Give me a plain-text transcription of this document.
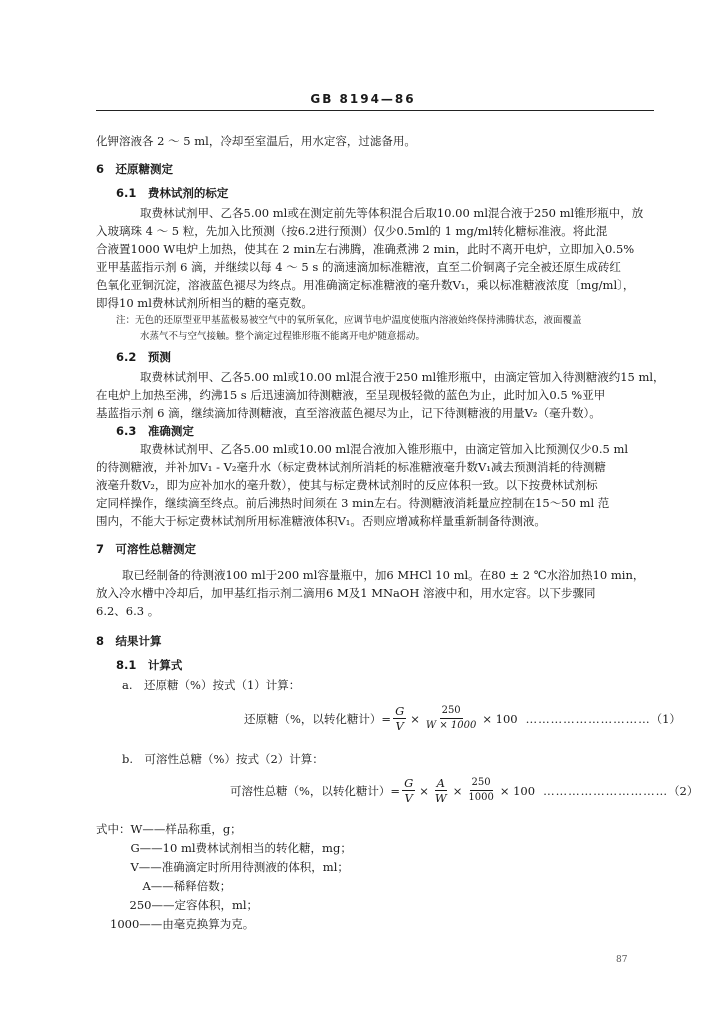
GB 8194—86
化钾溶液各 2 ～ 5 ml，冷却至室温后，用水定容，过滤备用。
6　还原糖测定
6.1　费林试剂的标定
取费林试剂甲、乙各5.00 ml或在测定前先等体积混合后取10.00 ml混合液于250 ml锥形瓶中，放
入玻璃珠 4 ～ 5 粒，先加入比预测（按6.2进行预测）仅少0.5ml的 1 mg/ml转化糖标准液。将此混
合液置1000 W电炉上加热，使其在 2 min左右沸腾，准确煮沸 2 min，此时不离开电炉，立即加入0.5%
亚甲基蓝指示剂 6 滴，并继续以每 4 ～ 5 s 的滴速滴加标准糖液，直至二价铜离子完全被还原生成砖红
色氧化亚铜沉淀，溶液蓝色褪尽为终点。用准确滴定标准糖液的毫升数V₁，乘以标准糖液浓度〔mg/ml〕，
即得10 ml费林试剂所相当的糖的毫克数。
注：无色的还原型亚甲基蓝极易被空气中的氧所氧化，应调节电炉温度使瓶内溶液始终保持沸腾状态，液面覆盖
水蒸气不与空气接触。整个滴定过程锥形瓶不能离开电炉随意摇动。
6.2　预测
取费林试剂甲、乙各5.00 ml或10.00 ml混合液于250 ml锥形瓶中，由滴定管加入待测糖液约15 ml，
在电炉上加热至沸，约沸15 s 后迅速滴加待测糖液，至呈现极轻微的蓝色为止，此时加入0.5 %亚甲
基蓝指示剂 6 滴，继续滴加待测糖液，直至溶液蓝色褪尽为止，记下待测糖液的用量V₂（毫升数）。
6.3　准确测定
取费林试剂甲、乙各5.00 ml或10.00 ml混合液加入锥形瓶中，由滴定管加入比预测仅少0.5 ml
的待测糖液，并补加V₁ - V₂毫升水（标定费林试剂所消耗的标准糖液毫升数V₁减去预测消耗的待测糖
液毫升数V₂，即为应补加水的毫升数），使其与标定费林试剂时的反应体积一致。以下按费林试剂标
定同样操作，继续滴至终点。前后沸热时间须在 3 min左右。待测糖液消耗量应控制在15～50 ml 范
围内，不能大于标定费林试剂所用标准糖液体积V₁。否则应增减称样量重新制备待测液。
7　可溶性总糖测定
取已经制备的待测液100 ml于200 ml容量瓶中，加6 MHCl 10 ml。在80 ± 2 ℃水浴加热10 min，
放入冷水槽中冷却后，加甲基红指示剂二滴用6 M及1 MNaOH 溶液中和，用水定容。以下步骤同
6.2、6.3 。
8　结果计算
8.1　计算式
a.　还原糖（%）按式（1）计算：
还原糖（%，以转化糖计）= $\frac{G}{V} \times \frac{250}{W \times 1000} \times 100$ ………………………… （1）
b.　可溶性总糖（%）按式（2）计算：
可溶性总糖（%，以转化糖计）= $\frac{G}{V} \times \frac{A}{W} \times \frac{250}{1000} \times 100$ ………………………… （2）
式中：W——样品称重，g；
　　　G——10 ml费林试剂相当的转化糖，mg；
　　　V——准确滴定时所用待测液的体积，ml；
　　　A——稀释倍数；
　250——定容体积，ml；
1000——由毫克换算为克。
87
